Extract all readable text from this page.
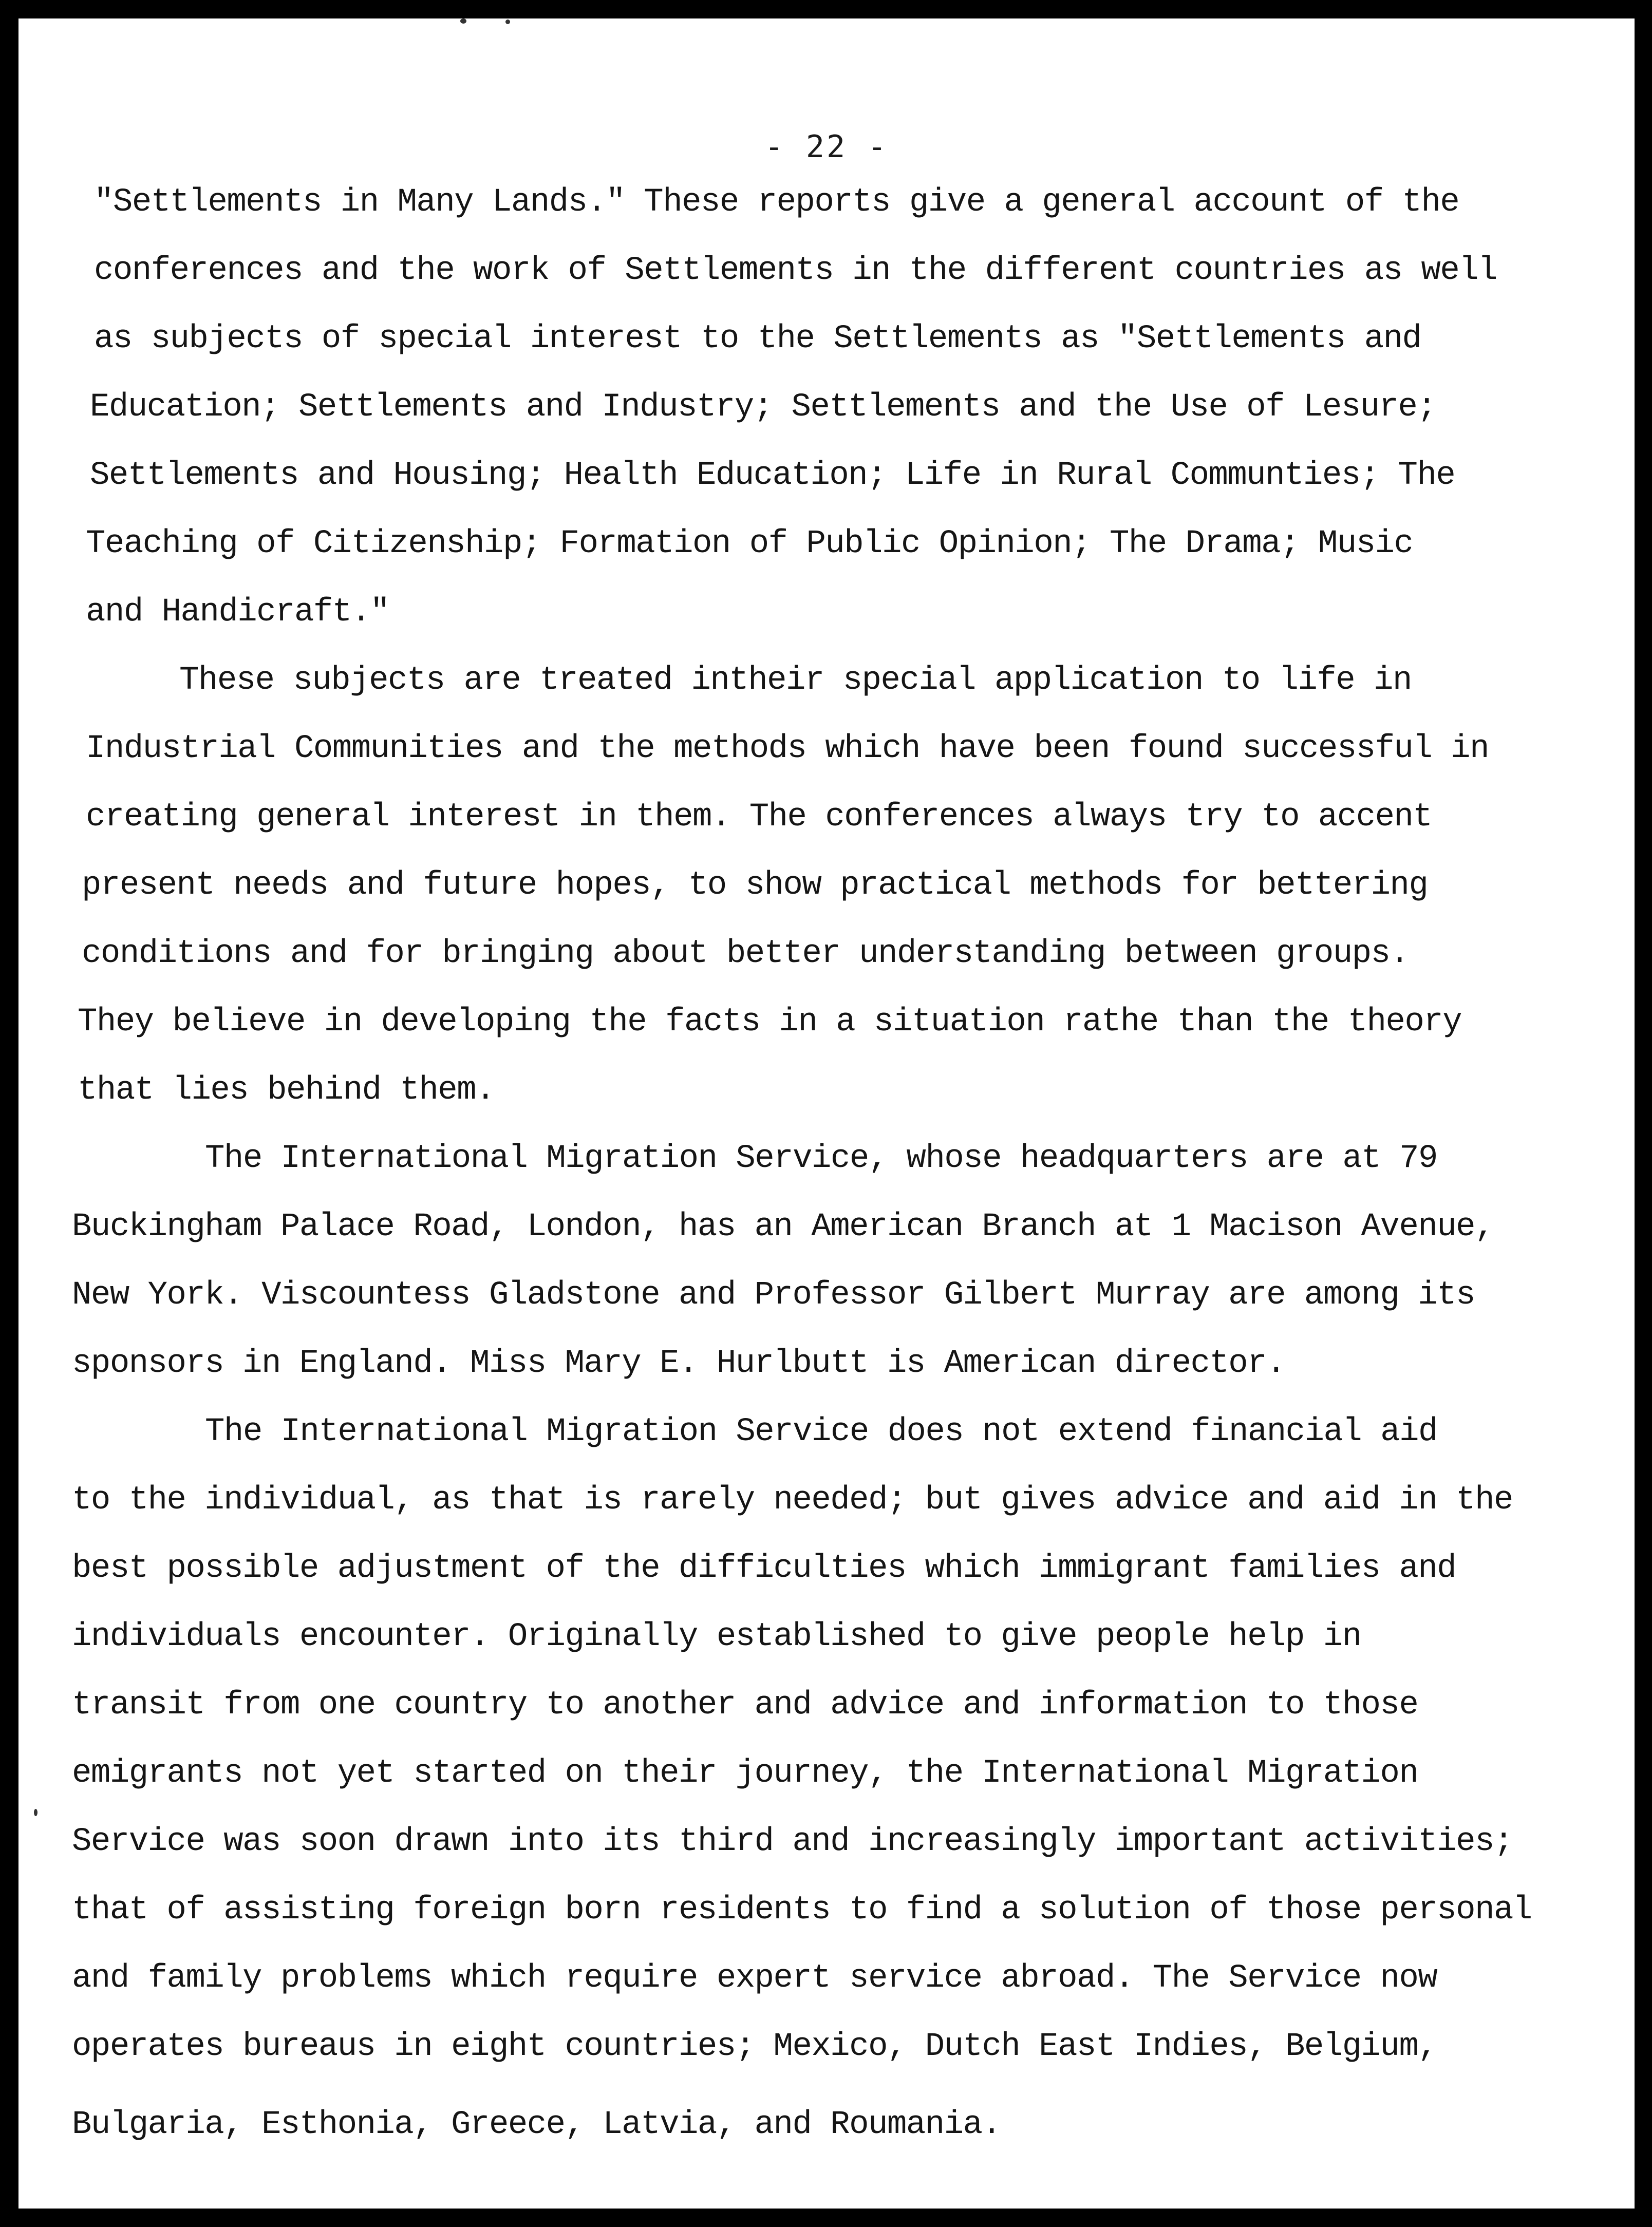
- 22 -

"Settlements in Many Lands." These reports give a general account of the

conferences and the work of Settlements in the different countries as well

as subjects of special interest to the Settlements as "Settlements and

Education; Settlements and Industry; Settlements and the Use of Lesure;

Settlements and Housing; Health Education; Life in Rural Communties; The

Teaching of Citizenship; Formation of Public Opinion; The Drama; Music

and Handicraft."

These subjects are treated intheir special application to life in

Industrial Communities and the methods which have been found successful in

creating general interest in them. The conferences always try to accent

present needs and future hopes, to show practical methods for bettering

conditions and for bringing about better understanding between groups.

They believe in developing the facts in a situation rathe than the theory

that lies behind them.

The International Migration Service, whose headquarters are at 79

Buckingham Palace Road, London, has an American Branch at 1 Macison Avenue,

New York. Viscountess Gladstone and Professor Gilbert Murray are among its

sponsors in England. Miss Mary E. Hurlbutt is American director.

The International Migration Service does not extend financial aid

to the individual, as that is rarely needed; but gives advice and aid in the

best possible adjustment of the difficulties which immigrant families and

individuals encounter. Originally established to give people help in

transit from one country to another and advice and information to those

emigrants not yet started on their journey, the International Migration

Service was soon drawn into its third and increasingly important activities;

that of assisting foreign born residents to find a solution of those personal

and family problems which require expert service abroad. The Service now

operates bureaus in eight countries; Mexico, Dutch East Indies, Belgium,

Bulgaria, Esthonia, Greece, Latvia, and Roumania.
